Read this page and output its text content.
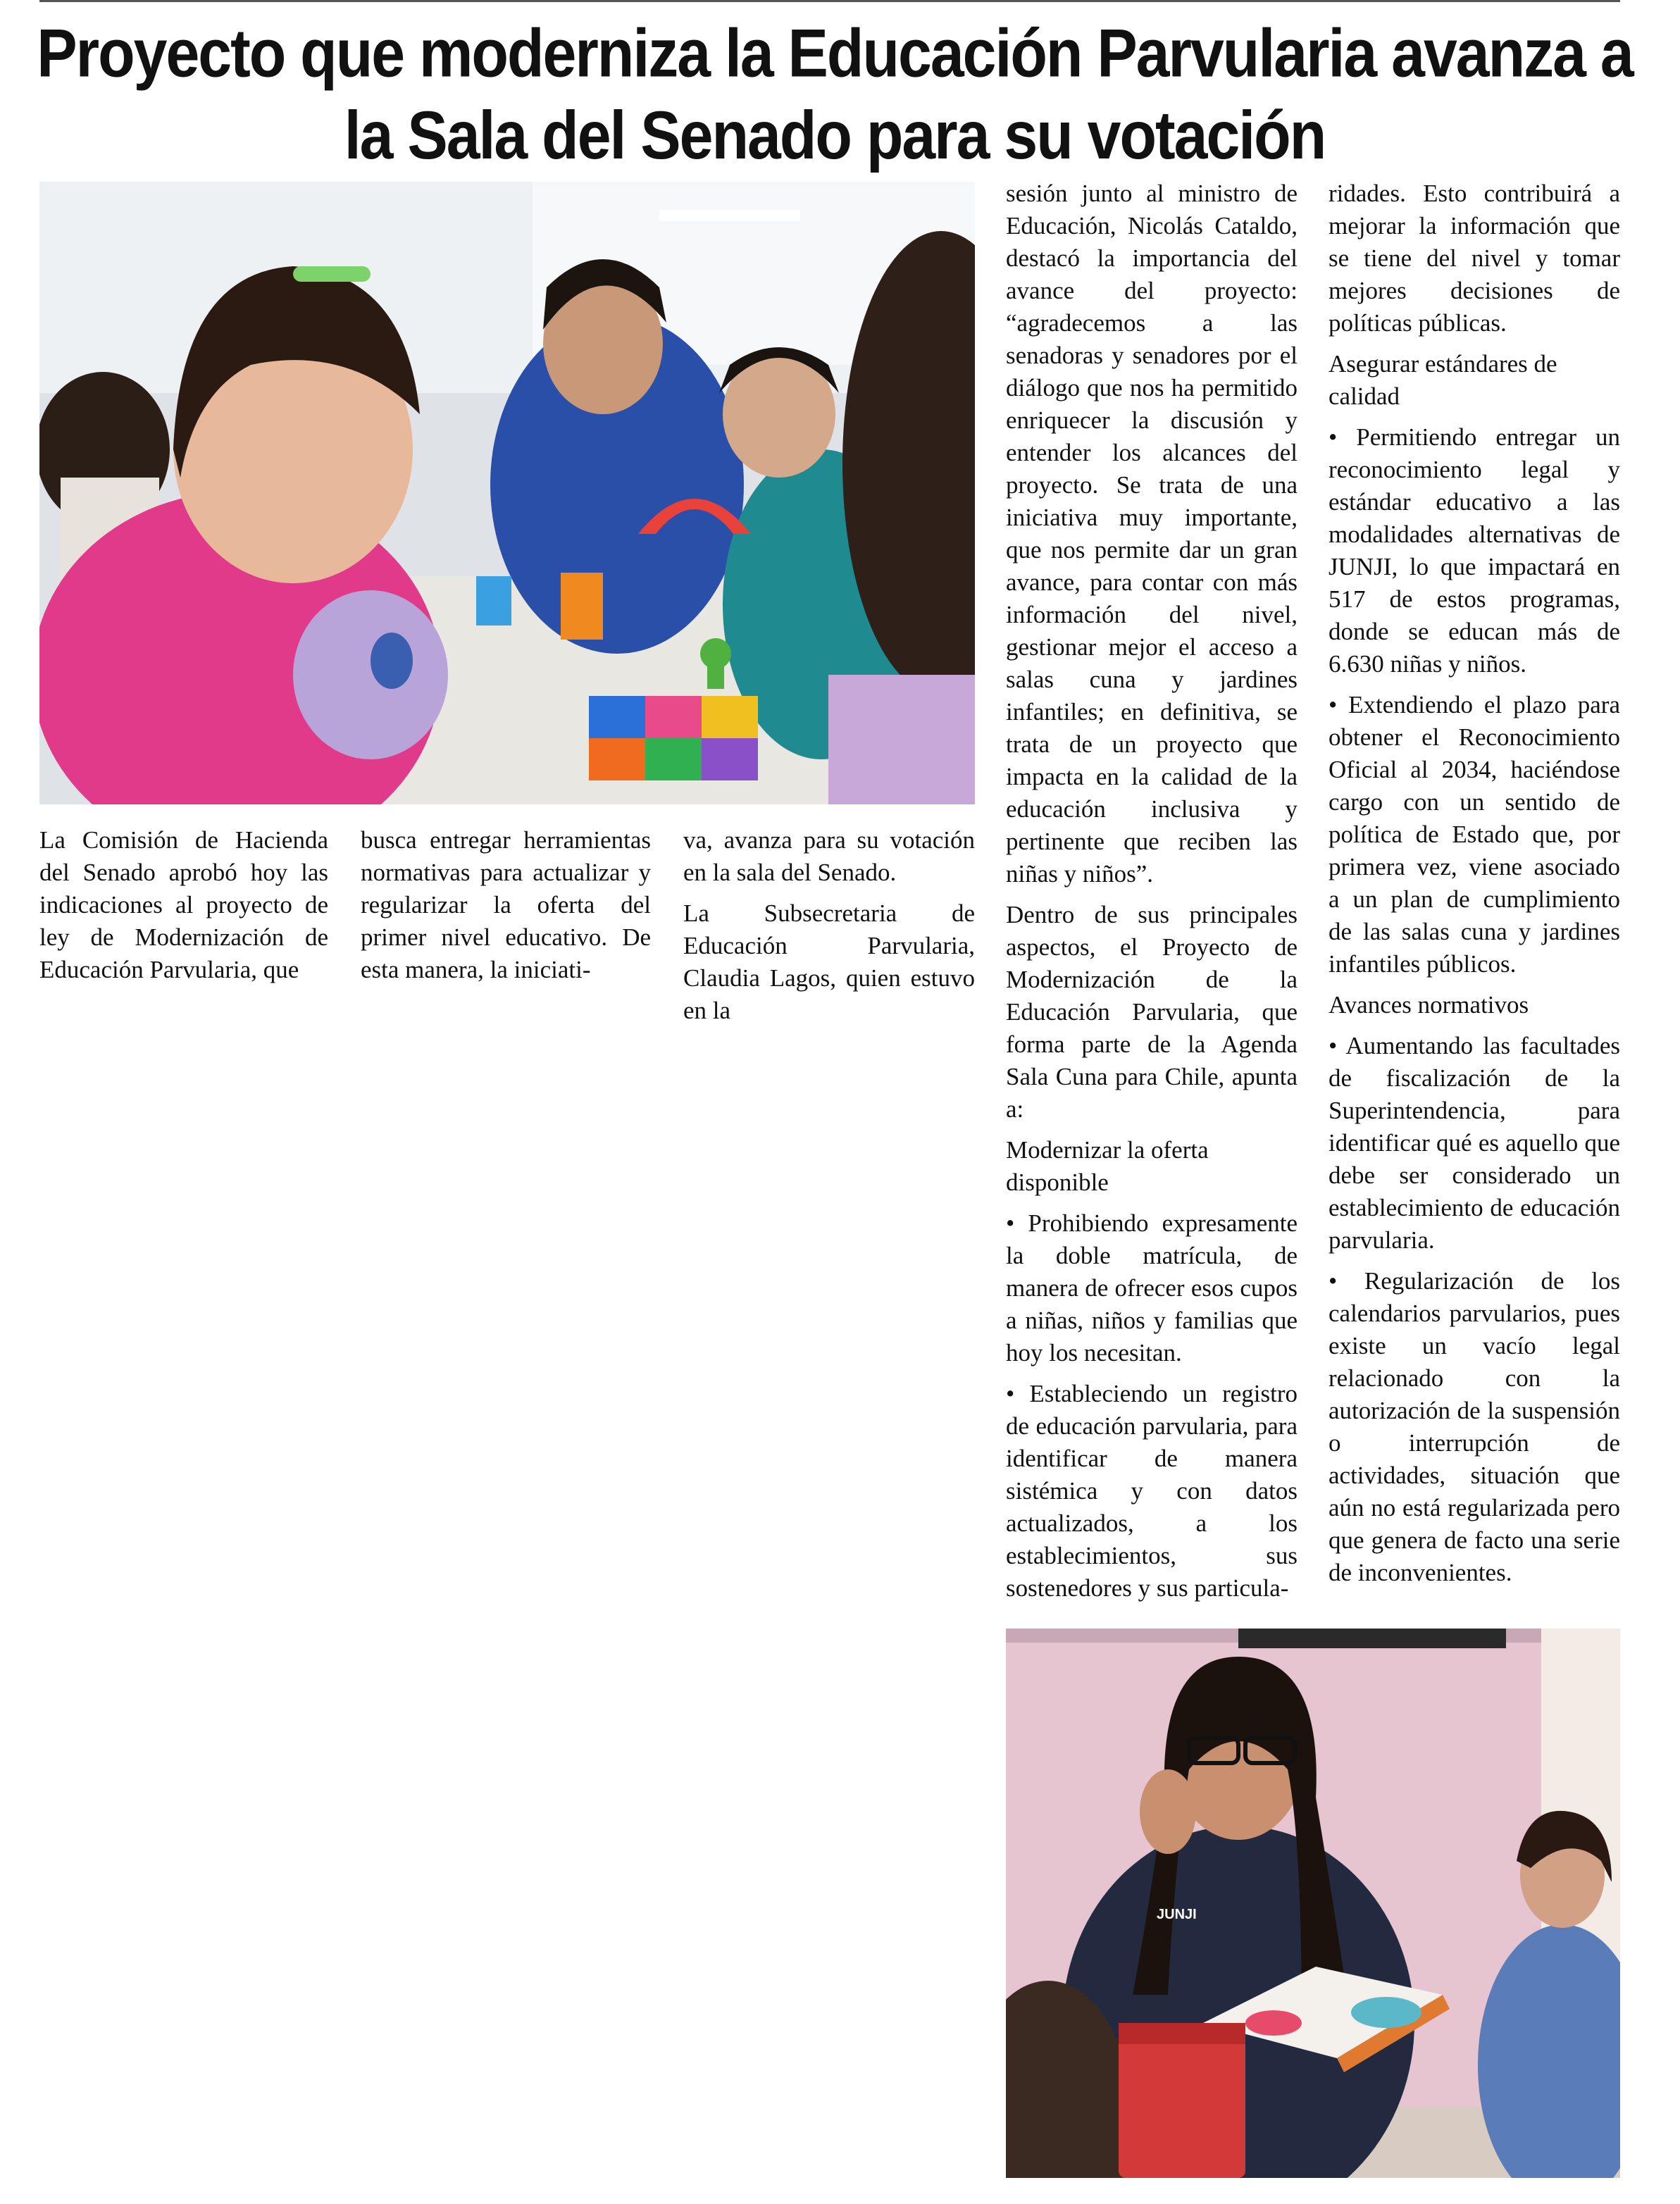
Proyecto que moderniza la Educación Parvularia avanza a la Sala del Senado para su votación

La Comisión de Hacienda del Senado aprobó hoy las indicaciones al proyecto de ley de Modernización de Educación Parvularia, que

busca entregar herramientas normativas para actualizar y regularizar la oferta del primer nivel educativo. De esta manera, la iniciati-

va, avanza para su votación en la sala del Senado.

La Subsecretaria de Educación Parvularia, Claudia Lagos, quien estuvo en la

sesión junto al ministro de Educación, Nicolás Cataldo, destacó la importancia del avance del proyecto: “agradecemos a las senadoras y senadores por el diálogo que nos ha permitido enriquecer la discusión y entender los alcances del proyecto. Se trata de una iniciativa muy importante, que nos permite dar un gran avance, para contar con más información del nivel, gestionar mejor el acceso a salas cuna y jardines infantiles; en definitiva, se trata de un proyecto que impacta en la calidad de la educación inclusiva y pertinente que reciben las niñas y niños”.

Dentro de sus principales aspectos, el Proyecto de Modernización de la Educación Parvularia, que forma parte de la Agenda Sala Cuna para Chile, apunta a:

Modernizar la oferta disponible

• Prohibiendo expresamente la doble matrícula, de manera de ofrecer esos cupos a niñas, niños y familias que hoy los necesitan.

• Estableciendo un registro de educación parvularia, para identificar de manera sistémica y con datos actualizados, a los establecimientos, sus sostenedores y sus particula-

ridades. Esto contribuirá a mejorar la información que se tiene del nivel y tomar mejores decisiones de políticas públicas.

Asegurar estándares de calidad

• Permitiendo entregar un reconocimiento legal y estándar educativo a las modalidades alternativas de JUNJI, lo que impactará en 517 de estos programas, donde se educan más de 6.630 niñas y niños.

• Extendiendo el plazo para obtener el Reconocimiento Oficial al 2034, haciéndose cargo con un sentido de política de Estado que, por primera vez, viene asociado a un plan de cumplimiento de las salas cuna y jardines infantiles públicos.

Avances normativos

• Aumentando las facultades de fiscalización de la Superintendencia, para identificar qué es aquello que debe ser considerado un establecimiento de educación parvularia.

• Regularización de los calendarios parvularios, pues existe un vacío legal relacionado con la autorización de la suspensión o interrupción de actividades, situación que aún no está regularizada pero que genera de facto una serie de inconvenientes.

JUNJI
